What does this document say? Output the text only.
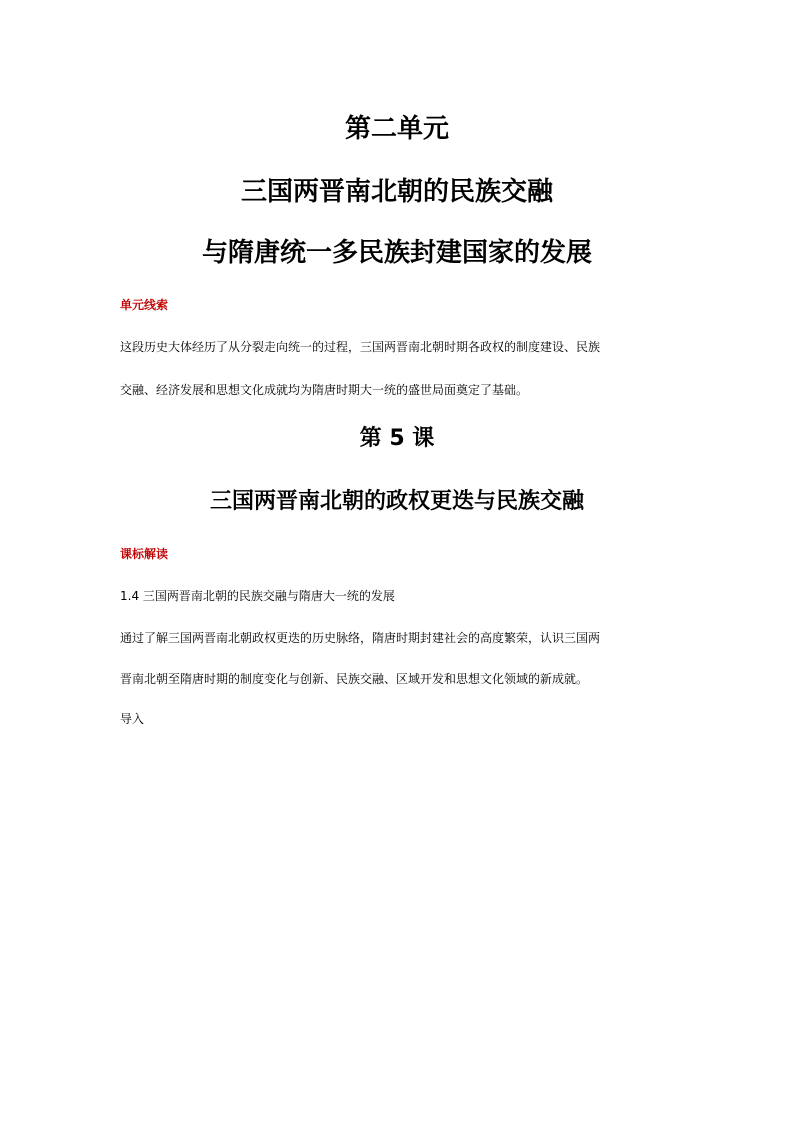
第二单元
三国两晋南北朝的民族交融
与隋唐统一多民族封建国家的发展

单元线索

这段历史大体经历了从分裂走向统一的过程，三国两晋南北朝时期各政权的制度建设、民族

交融、经济发展和思想文化成就均为隋唐时期大一统的盛世局面奠定了基础。

第 5 课
三国两晋南北朝的政权更迭与民族交融

课标解读

1.4 三国两晋南北朝的民族交融与隋唐大一统的发展

通过了解三国两晋南北朝政权更迭的历史脉络，隋唐时期封建社会的高度繁荣，认识三国两

晋南北朝至隋唐时期的制度变化与创新、民族交融、区域开发和思想文化领域的新成就。

导入
